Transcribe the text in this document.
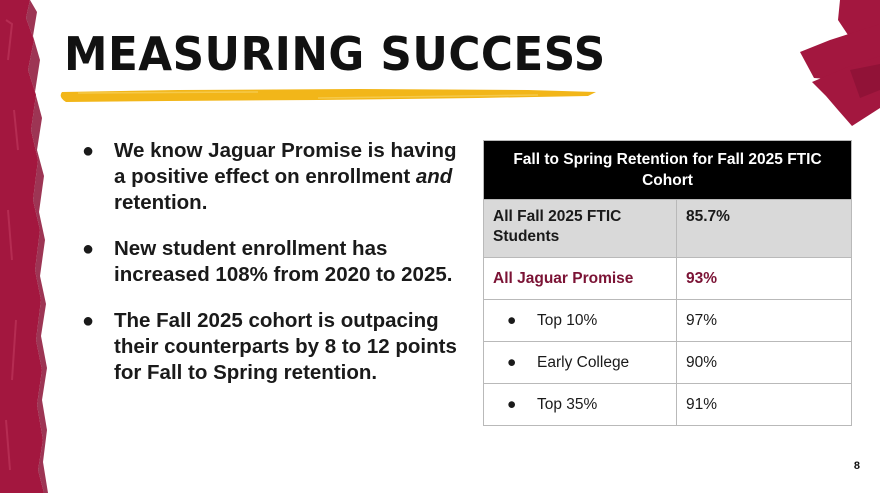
MEASURING SUCCESS
● We know Jaguar Promise is having a positive effect on enrollment and retention.
● New student enrollment has increased 108% from 2020 to 2025.
● The Fall 2025 cohort is outpacing their counterparts by 8 to 12 points for Fall to Spring retention.
Fall to Spring Retention for Fall 2025 FTIC Cohort	
All Fall 2025 FTIC Students	85.7%
All Jaguar Promise	93%

● Top 10%	97%

● Early College	90%

● Top 35%	91%
8
